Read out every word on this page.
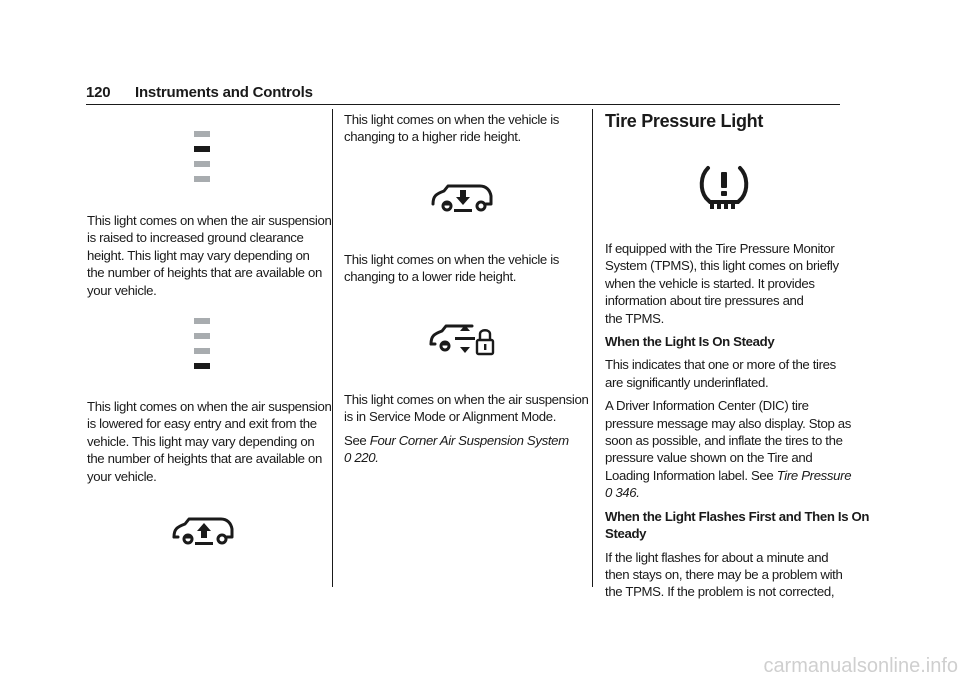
120 Instruments and Controls

This light comes on when the air suspension

is raised to increased ground clearance

height. This light may vary depending on

the number of heights that are available on

your vehicle.

This light comes on when the air suspension

is lowered for easy entry and exit from the

vehicle. This light may vary depending on

the number of heights that are available on

your vehicle.

This light comes on when the vehicle is

changing to a higher ride height.

This light comes on when the vehicle is

changing to a lower ride height.

This light comes on when the air suspension

is in Service Mode or Alignment Mode.

See Four Corner Air Suspension System

0 220.

Tire Pressure Light

If equipped with the Tire Pressure Monitor

System (TPMS), this light comes on briefly

when the vehicle is started. It provides

information about tire pressures and

the TPMS.

When the Light Is On Steady

This indicates that one or more of the tires

are significantly underinflated.

A Driver Information Center (DIC) tire

pressure message may also display. Stop as

soon as possible, and inflate the tires to the

pressure value shown on the Tire and

Loading Information label. See Tire Pressure

0 346.

When the Light Flashes First and Then Is On

Steady

If the light flashes for about a minute and

then stays on, there may be a problem with

the TPMS. If the problem is not corrected,

carmanualsonline.info
